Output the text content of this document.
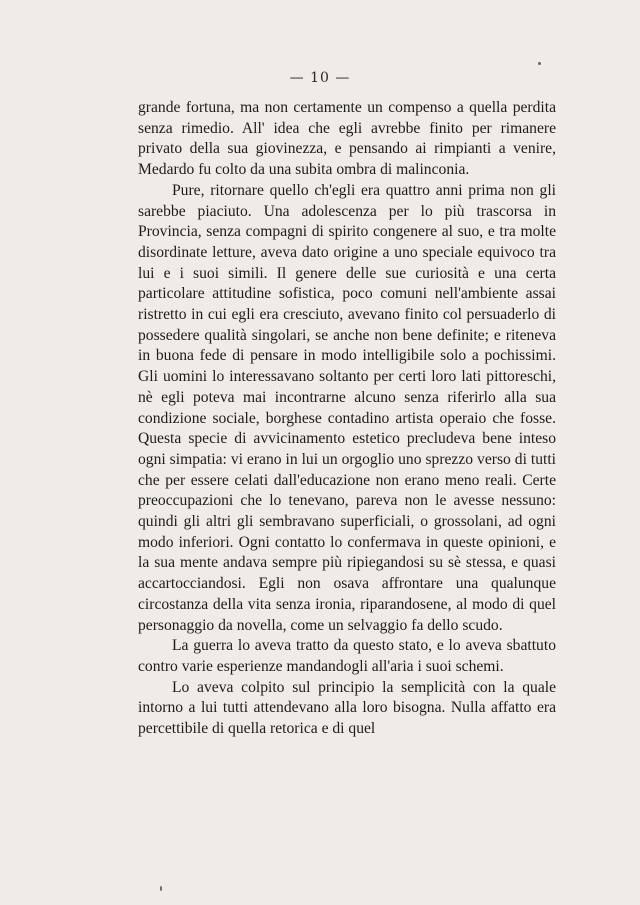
— 10 —

grande fortuna, ma non certamente un compenso a quella perdita senza rimedio. All' idea che egli avrebbe finito per rimanere privato della sua giovinezza, e pensando ai rimpianti a venire, Medardo fu colto da una subita ombra di malinconia.

Pure, ritornare quello ch'egli era quattro anni prima non gli sarebbe piaciuto. Una adolescenza per lo più trascorsa in Provincia, senza compagni di spirito congenere al suo, e tra molte disordinate letture, aveva dato origine a uno speciale equivoco tra lui e i suoi simili. Il genere delle sue curiosità e una certa particolare attitudine sofistica, poco comuni nell'ambiente assai ristretto in cui egli era cresciuto, avevano finito col persuaderlo di possedere qualità singolari, se anche non bene definite; e riteneva in buona fede di pensare in modo intelligibile solo a pochissimi. Gli uomini lo interessavano soltanto per certi loro lati pittoreschi, nè egli poteva mai incontrarne alcuno senza riferirlo alla sua condizione sociale, borghese contadino artista operaio che fosse. Questa specie di avvicinamento estetico precludeva bene inteso ogni simpatia: vi erano in lui un orgoglio uno sprezzo verso di tutti che per essere celati dall'educazione non erano meno reali. Certe preoccupazioni che lo tenevano, pareva non le avesse nessuno: quindi gli altri gli sembravano superficiali, o grossolani, ad ogni modo inferiori. Ogni contatto lo confermava in queste opinioni, e la sua mente andava sempre più ripiegandosi su sè stessa, e quasi accartocciandosi. Egli non osava affrontare una qualunque circostanza della vita senza ironia, riparandosene, al modo di quel personaggio da novella, come un selvaggio fa dello scudo.

La guerra lo aveva tratto da questo stato, e lo aveva sbattuto contro varie esperienze mandandogli all'aria i suoi schemi.

Lo aveva colpito sul principio la semplicità con la quale intorno a lui tutti attendevano alla loro bisogna. Nulla affatto era percettibile di quella retorica e di quel
